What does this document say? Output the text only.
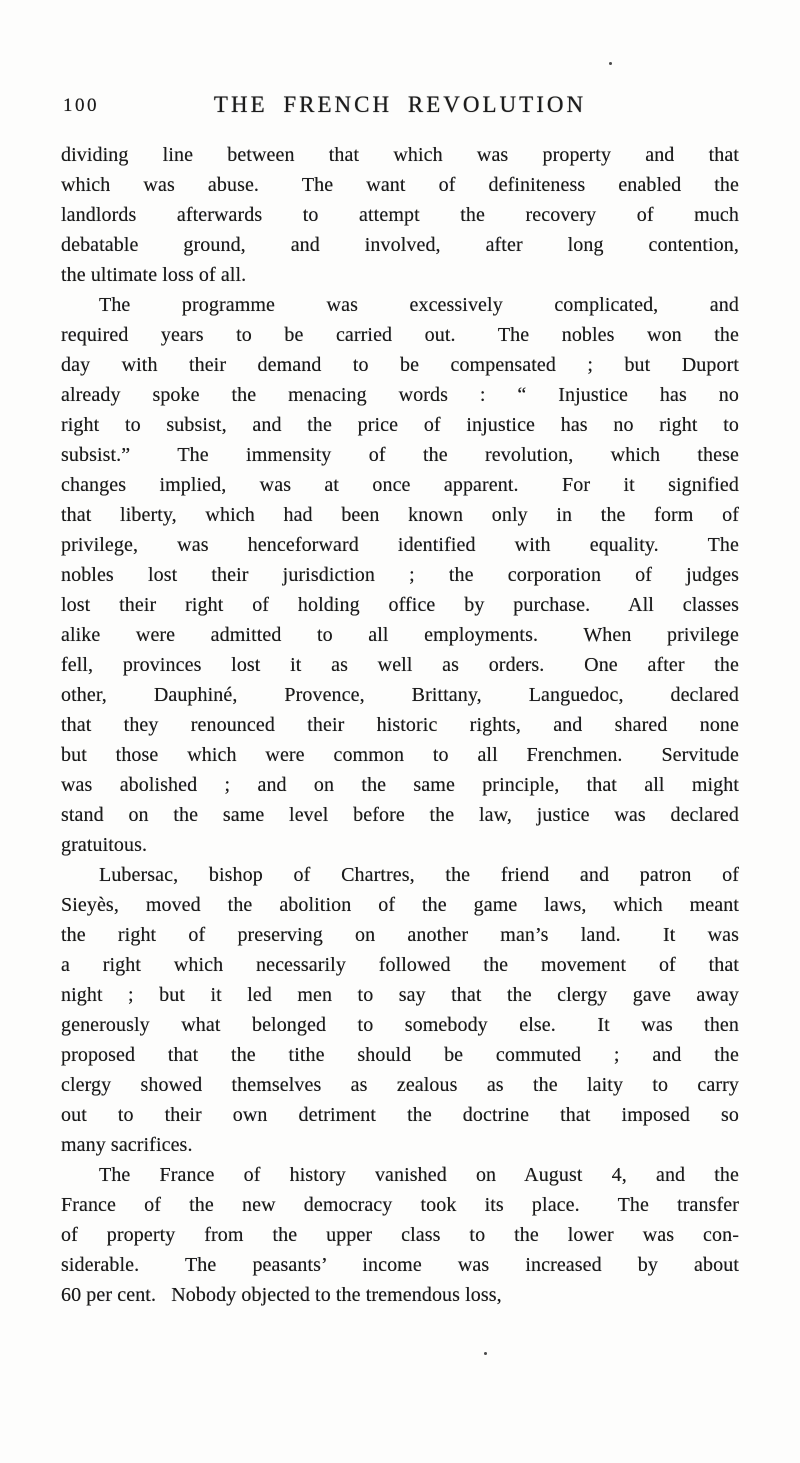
100	THE FRENCH REVOLUTION
dividing line between that which was property and that
which was abuse.  The want of definiteness enabled the
landlords afterwards to attempt the recovery of much
debatable ground, and involved, after long contention,
the ultimate loss of all.
The programme was excessively complicated, and
required years to be carried out.  The nobles won the
day with their demand to be compensated ; but Duport
already spoke the menacing words : “ Injustice has no
right to subsist, and the price of injustice has no right to
subsist.”  The immensity of the revolution, which these
changes implied, was at once apparent.  For it signified
that liberty, which had been known only in the form of
privilege, was henceforward identified with equality.  The
nobles lost their jurisdiction ; the corporation of judges
lost their right of holding office by purchase.  All classes
alike were admitted to all employments.  When privilege
fell, provinces lost it as well as orders.  One after the
other, Dauphiné, Provence, Brittany, Languedoc, declared
that they renounced their historic rights, and shared none
but those which were common to all Frenchmen.  Servitude
was abolished ; and on the same principle, that all might
stand on the same level before the law, justice was declared
gratuitous.
Lubersac, bishop of Chartres, the friend and patron of
Sieyès, moved the abolition of the game laws, which meant
the right of preserving on another man’s land.  It was
a right which necessarily followed the movement of that
night ; but it led men to say that the clergy gave away
generously what belonged to somebody else.  It was then
proposed that the tithe should be commuted ; and the
clergy showed themselves as zealous as the laity to carry
out to their own detriment the doctrine that imposed so
many sacrifices.
The France of history vanished on August 4, and the
France of the new democracy took its place.  The transfer
of property from the upper class to the lower was con-
siderable.  The peasants’ income was increased by about
60 per cent.  Nobody objected to the tremendous loss,
